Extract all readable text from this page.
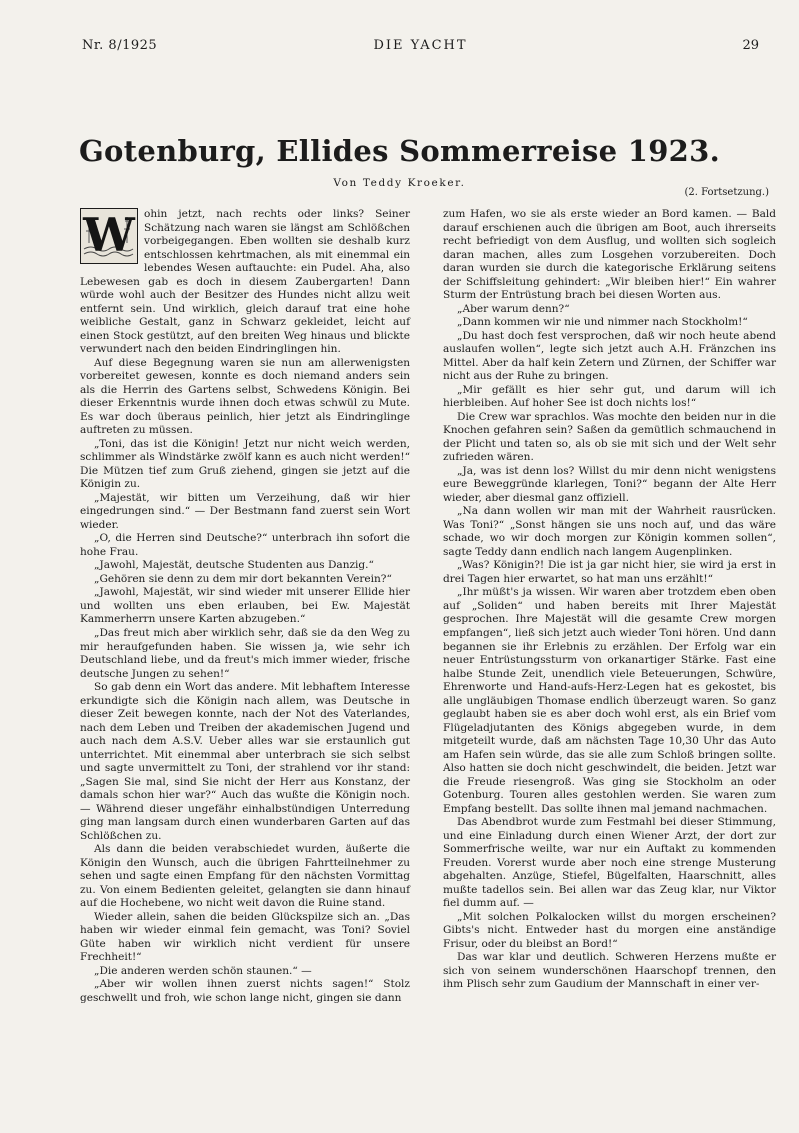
Nr. 8/1925	DIE YACHT	29
Gotenburg, Ellides Sommerreise 1923.
Von Teddy Kroeker.
(2. Fortsetzung.)
W ohin jetzt, nach rechts oder links? Seiner Schätzung nach waren sie längst am Schlößchen vorbeigegangen. Eben wollten sie deshalb kurz entschlossen kehrtmachen, als mit einemmal ein lebendes Wesen auftauchte: ein Pudel. Aha, also Lebewesen gab es doch in diesem Zaubergarten! Dann würde wohl auch der Besitzer des Hundes nicht allzu weit entfernt sein. Und wirklich, gleich darauf trat eine hohe weibliche Gestalt, ganz in Schwarz gekleidet, leicht auf einen Stock gestützt, auf den breiten Weg hinaus und blickte verwundert nach den beiden Eindringlingen hin.

Auf diese Begegnung waren sie nun am allerwenigsten vorbereitet gewesen, konnte es doch niemand anders sein als die Herrin des Gartens selbst, Schwedens Königin. Bei dieser Erkenntnis wurde ihnen doch etwas schwül zu Mute. Es war doch überaus peinlich, hier jetzt als Eindringlinge auftreten zu müssen.

„Toni, das ist die Königin! Jetzt nur nicht weich werden, schlimmer als Windstärke zwölf kann es auch nicht werden!“ Die Mützen tief zum Gruß ziehend, gingen sie jetzt auf die Königin zu.

„Majestät, wir bitten um Verzeihung, daß wir hier eingedrungen sind.“ — Der Bestmann fand zuerst sein Wort wieder.

„O, die Herren sind Deutsche?“ unterbrach ihn sofort die hohe Frau.

„Jawohl, Majestät, deutsche Studenten aus Danzig.“

„Gehören sie denn zu dem mir dort bekannten Verein?“

„Jawohl, Majestät, wir sind wieder mit unserer Ellide hier und wollten uns eben erlauben, bei Ew. Majestät Kammerherrn unsere Karten abzugeben.“

„Das freut mich aber wirklich sehr, daß sie da den Weg zu mir heraufgefunden haben. Sie wissen ja, wie sehr ich Deutschland liebe, und da freut's mich immer wieder, frische deutsche Jungen zu sehen!“

So gab denn ein Wort das andere. Mit lebhaftem Interesse erkundigte sich die Königin nach allem, was Deutsche in dieser Zeit bewegen konnte, nach der Not des Vaterlandes, nach dem Leben und Treiben der akademischen Jugend und auch nach dem A.S.V. Ueber alles war sie erstaunlich gut unterrichtet. Mit einemmal aber unterbrach sie sich selbst und sagte unvermittelt zu Toni, der strahlend vor ihr stand: „Sagen Sie mal, sind Sie nicht der Herr aus Konstanz, der damals schon hier war?“ Auch das wußte die Königin noch. — Während dieser ungefähr einhalbstündigen Unterredung ging man langsam durch einen wunderbaren Garten auf das Schlößchen zu.

Als dann die beiden verabschiedet wurden, äußerte die Königin den Wunsch, auch die übrigen Fahrtteilnehmer zu sehen und sagte einen Empfang für den nächsten Vormittag zu. Von einem Bedienten geleitet, gelangten sie dann hinauf auf die Hochebene, wo nicht weit davon die Ruine stand.

Wieder allein, sahen die beiden Glückspilze sich an. „Das haben wir wieder einmal fein gemacht, was Toni? Soviel Güte haben wir wirklich nicht verdient für unsere Frechheit!“

„Die anderen werden schön staunen.“ —

„Aber wir wollen ihnen zuerst nichts sagen!“ Stolz geschwellt und froh, wie schon lange nicht, gingen sie dann

zum Hafen, wo sie als erste wieder an Bord kamen. — Bald darauf erschienen auch die übrigen am Boot, auch ihrerseits recht befriedigt von dem Ausflug, und wollten sich sogleich daran machen, alles zum Losgehen vorzubereiten. Doch daran wurden sie durch die kategorische Erklärung seitens der Schiffsleitung gehindert: „Wir bleiben hier!“ Ein wahrer Sturm der Entrüstung brach bei diesen Worten aus.

„Aber warum denn?“

„Dann kommen wir nie und nimmer nach Stockholm!“

„Du hast doch fest versprochen, daß wir noch heute abend auslaufen wollen“, legte sich jetzt auch A.H. Fränzchen ins Mittel. Aber da half kein Zetern und Zürnen, der Schiffer war nicht aus der Ruhe zu bringen.

„Mir gefällt es hier sehr gut, und darum will ich hierbleiben. Auf hoher See ist doch nichts los!“

Die Crew war sprachlos. Was mochte den beiden nur in die Knochen gefahren sein? Saßen da gemütlich schmauchend in der Plicht und taten so, als ob sie mit sich und der Welt sehr zufrieden wären.

„Ja, was ist denn los? Willst du mir denn nicht wenigstens eure Beweggründe klarlegen, Toni?“ begann der Alte Herr wieder, aber diesmal ganz offiziell.

„Na dann wollen wir man mit der Wahrheit rausrücken. Was Toni?“ „Sonst hängen sie uns noch auf, und das wäre schade, wo wir doch morgen zur Königin kommen sollen“, sagte Teddy dann endlich nach langem Augenplinken.

„Was? Königin?! Die ist ja gar nicht hier, sie wird ja erst in drei Tagen hier erwartet, so hat man uns erzählt!“

„Ihr müßt's ja wissen. Wir waren aber trotzdem eben oben auf „Soliden“ und haben bereits mit Ihrer Majestät gesprochen. Ihre Majestät will die gesamte Crew morgen empfangen“, ließ sich jetzt auch wieder Toni hören. Und dann begannen sie ihr Erlebnis zu erzählen. Der Erfolg war ein neuer Entrüstungssturm von orkanartiger Stärke. Fast eine halbe Stunde Zeit, unendlich viele Beteuerungen, Schwüre, Ehrenworte und Hand-aufs-Herz-Legen hat es gekostet, bis alle ungläubigen Thomase endlich überzeugt waren. So ganz geglaubt haben sie es aber doch wohl erst, als ein Brief vom Flügeladjutanten des Königs abgegeben wurde, in dem mitgeteilt wurde, daß am nächsten Tage 10,30 Uhr das Auto am Hafen sein würde, das sie alle zum Schloß bringen sollte. Also hatten sie doch nicht geschwindelt, die beiden. Jetzt war die Freude riesengroß. Was ging sie Stockholm an oder Gotenburg. Touren alles gestohlen werden. Sie waren zum Empfang bestellt. Das sollte ihnen mal jemand nachmachen.

Das Abendbrot wurde zum Festmahl bei dieser Stimmung, und eine Einladung durch einen Wiener Arzt, der dort zur Sommerfrische weilte, war nur ein Auftakt zu kommenden Freuden. Vorerst wurde aber noch eine strenge Musterung abgehalten. Anzüge, Stiefel, Bügelfalten, Haarschnitt, alles mußte tadellos sein. Bei allen war das Zeug klar, nur Viktor fiel dumm auf. —

„Mit solchen Polkalocken willst du morgen erscheinen? Gibts's nicht. Entweder hast du morgen eine anständige Frisur, oder du bleibst an Bord!“

Das war klar und deutlich. Schweren Herzens mußte er sich von seinem wunderschönen Haarschopf trennen, den ihm Plisch sehr zum Gaudium der Mannschaft in einer ver-
